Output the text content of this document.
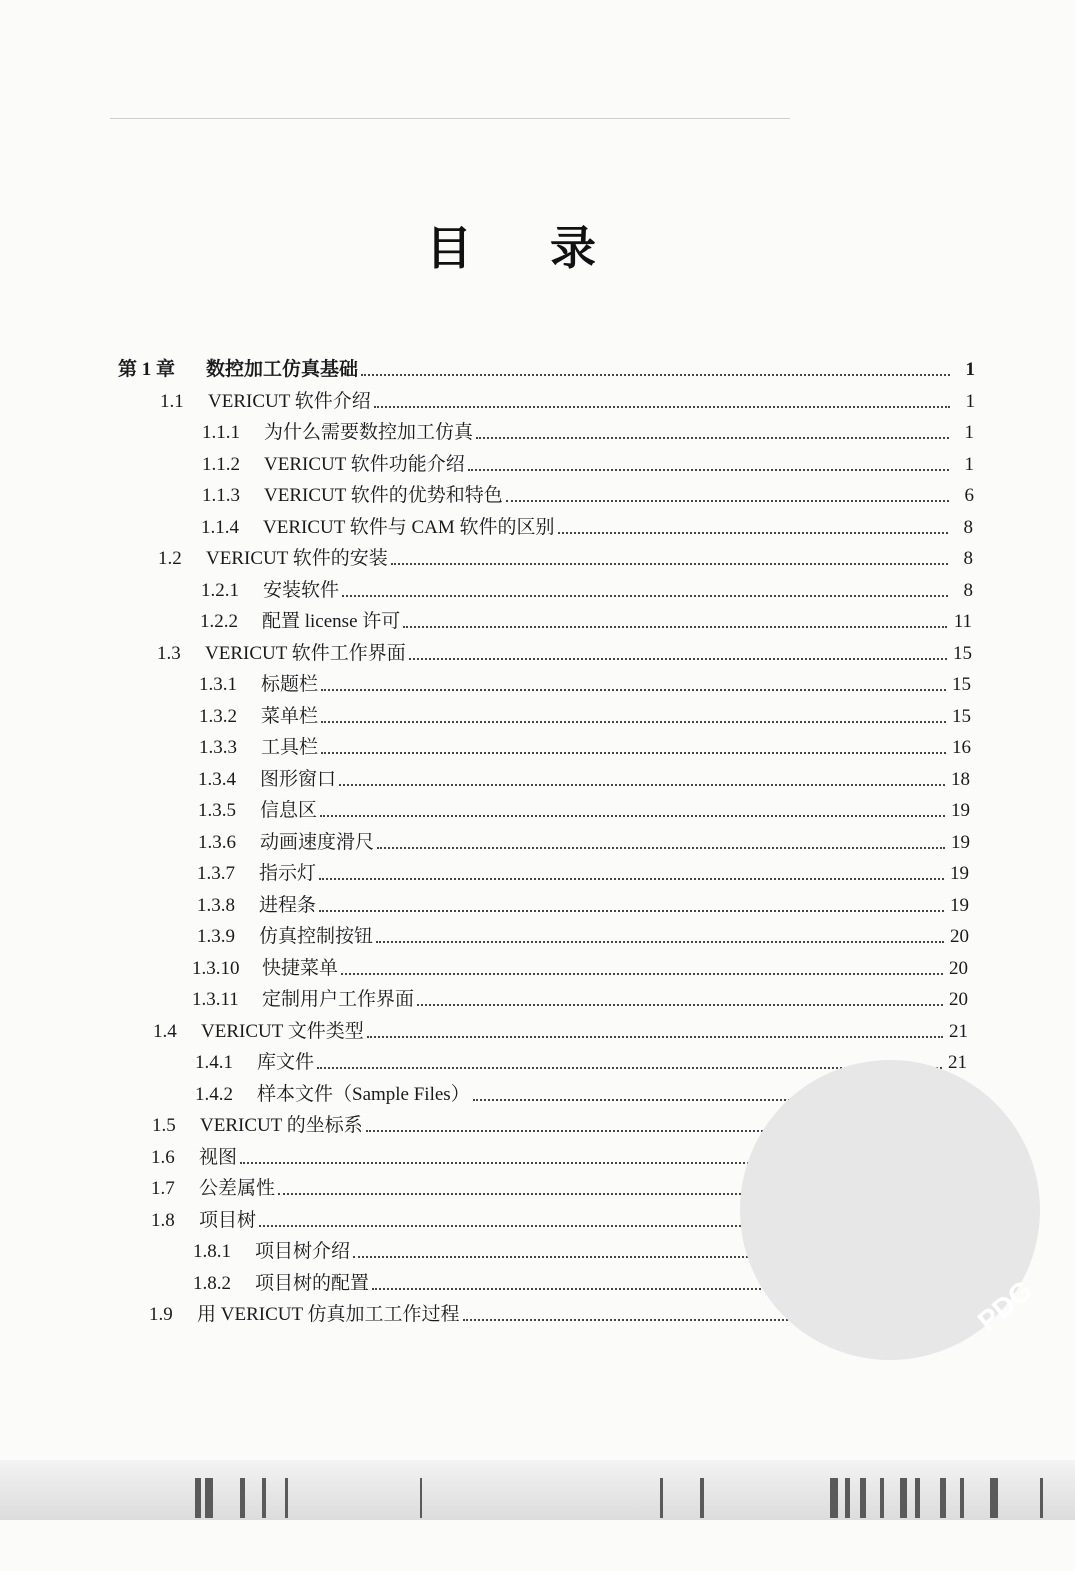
目录
第 1 章	数控加工仿真基础	1
1.1	VERICUT 软件介绍	1
1.1.1	为什么需要数控加工仿真	1
1.1.2	VERICUT 软件功能介绍	1
1.1.3	VERICUT 软件的优势和特色	6
1.1.4	VERICUT 软件与 CAM 软件的区别	8
1.2	VERICUT 软件的安装	8
1.2.1	安装软件	8
1.2.2	配置 license 许可	11
1.3	VERICUT 软件工作界面	15
1.3.1	标题栏	15
1.3.2	菜单栏	15
1.3.3	工具栏	16
1.3.4	图形窗口	18
1.3.5	信息区	19
1.3.6	动画速度滑尺	19
1.3.7	指示灯	19
1.3.8	进程条	19
1.3.9	仿真控制按钮	20
1.3.10	快捷菜单	20
1.3.11	定制用户工作界面	20
1.4	VERICUT 文件类型	21
1.4.1	库文件	21
1.4.2	样本文件（Sample Files）
1.5	VERICUT 的坐标系
1.6	视图
1.7	公差属性
1.8	项目树
1.8.1	项目树介绍
1.8.2	项目树的配置
1.9	用 VERICUT 仿真加工工作过程	PDG
